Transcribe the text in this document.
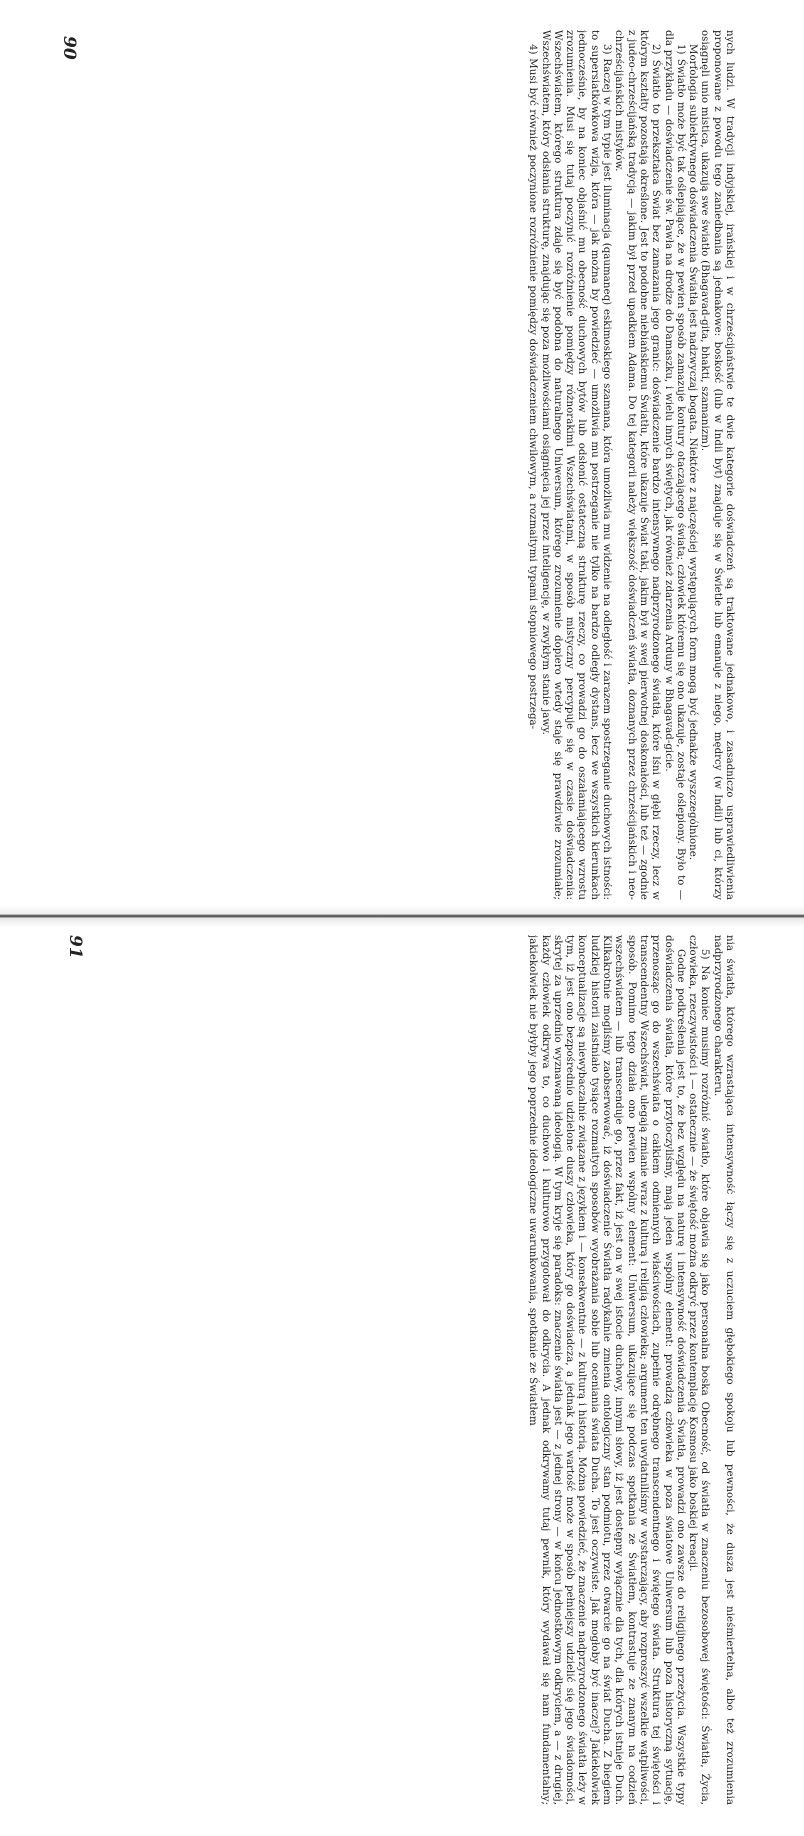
nych ludzi. W tradycji indyjskiej, irańskiej i w chrześcijaństwie te dwie kategorie doświadczeń są traktowane jednakowo, i zasadniczo usprawiedliwienia proponowane z powodu tego zaniedbania są jednakowe: boskość (lub w Indii byt) znajduje się w Świetle lub emanuje z niego, mędrcy (w Indii) lub ci, którzy osiągnęli unio mistica, ukazują swe światło (Bhagavad-gita, bhakti, szamanizm).

Morfologia subiektywnego doświadczenia Światła jest nadzwyczaj bogata. Niektóre z najczęściej występujących form mogą być jednakże wyszczególnione.

1) Światło może być tak oślepiające, że w pewien sposób zamazuje kontury otaczającego świata; człowiek któremu się ono ukazuje, zostaje oślepiony. Było to — dla przykładu — doświadczenie św. Pawła na drodze do Damaszku, i wielu innych świętych, jak również zdarzenia Arduny w Bhagavad-gicie.

2) Światło to przekształca Świat bez zamazania jego granic: doświadczenie bardzo intensywnego nadprzyrodzonego światła, które lśni w głębi rzeczy, lecz w którym kształty pozostają określone. Jest to podobne niebiańskiemu Światłu, które ukazuje Świat taki, jakim był w swej pierwotnej doskonałości, lub też — zgodnie z judeo-chrześcijańską tradycją — jakim był przed upadkiem Adama. Do tej kategorii należy większość doświadczeń światła, doznanych przez chrześcijańskich i neo-chrześcijańskich mistyków.

3) Raczej w tym typie jest iluminacja (qaumaneq) eskimoskiego szamana, która umożliwia mu widzenie na odległość i zarazem spostrzeganie duchowych istności: to supersiatkówkowa wizja, która — jak można by powiedzieć — umożliwia mu postrzeganie nie tylko na bardzo odległy dystans, lecz we wszystkich kierunkach jednocześnie, by na koniec objaśnić mu obecność duchowych bytów lub odsłonić ostateczną strukturę rzeczy, co prowadzi go do oszałamiającego wzrostu zrozumienia. Musi się tutaj poczynić rozróżnienie pomiędzy różnorakimi Wszechświatami, w sposób mistyczny percypuje się w czasie doświadczenia: Wszechświatem, którego struktura zdaje się być podobna do naturalnego Uniwersum, którego zrozumienie dopiero wtedy staje się prawdziwie zrozumiałe; Wszechświatem, który odsłania strukturę, znajdując się poza możliwościami osiągnięcia jej przez inteligencję, w zwykłym stanie jawy.

4) Musi być również poczynione rozróżnienie pomiędzy doświadczeniem chwilowym, a rozmaitymi typami stopniowego postrzega-

90

nia światła, którego wzrastająca intensywność łączy się z uczuciem głębokiego spokoju lub pewności, że dusza jest nieśmiertelna, albo też zrozumienia nadprzyrodzonego charakteru.

5) Na koniec musimy rozróżnić światło, które objawia się jako personalna boska Obecność, od światła w znaczeniu bezosobowej świętości: Światła, Życia, człowieka, rzeczywistości i — ostatecznie — że świętość można odkryć przez kontemplację Kosmosu jako boskiej kreacji.

Godne podkreślenia jest to, że bez względu na naturę i intensywność doświadczenia Światła, prowadzi ono zawsze do religijnego przeżycia. Wszystkie typy doświadczenia światła, które przytoczyliśmy, mają jeden wspólny element: prowadzą człowieka w poza światowe Uniwersum lub poza historyczną sytuację, przenosząc go do wszechświata o całkiem odmiennych właściwościach, zupełnie odrębnego transcendentnego i świętego świata. Struktura tej świętości i transcendentny Wszechświat, ulegają zmianie wraz z kulturą i religią człowieka; argument ten uwydatniliśmy w wystarczający, aby rozproszyć wszelkie wątpliwości, sposób. Pomimo tego działa ono pewien wspólny element: Uniwersum, ukazujące się podczas spotkania ze Światłem, kontrastuje ze znanym na codzień wszechświatem — lub transcenduje go, przez fakt, iż jest on w swej istocie duchowy, innymi słowy, iż jest dostępny wyłącznie dla tych, dla których istnieje Duch. Kilkakrotnie mogliśmy zaobserwować, iż doświadczenie Światła radykalnie zmienia ontologiczny stan podmiotu, przez otwarcie go na świat Ducha. Z biegiem ludzkiej historii zaistniało tysiące rozmaitych sposobów wyobrażania sobie lub oceniania świata Ducha. To jest oczywiste. Jak mogłoby być inaczej? Jakiekolwiek konceptualizacje są niewybaczalnie związane z językiem i — konsekwentnie — z kulturą i historią. Można powiedzieć, że znaczenie nadprzyrodzonego światła leży w tym, iż jest ono bezpośrednio udzielone duszy człowieka, który go doświadcza, a jednak jego wartość może w sposób pełniejszy udzielić się jego świadomości, skrytej za uprzednio wyznawaną ideologią. W tym kryje się paradoks: znaczenie światła jest — z jednej strony — w końcu jednostkowym odkryciem, a — z drugiej, każdy człowiek odkrywa to, co duchowo i kulturowo przygotował do odkrycia. A jednak odkrywamy tutaj pewnik, który wydawał się nam fundamentalny; jakiekolwiek nie byłyby jego poprzednie ideologiczne uwarunkowania, spotkanie ze Światłem

91
